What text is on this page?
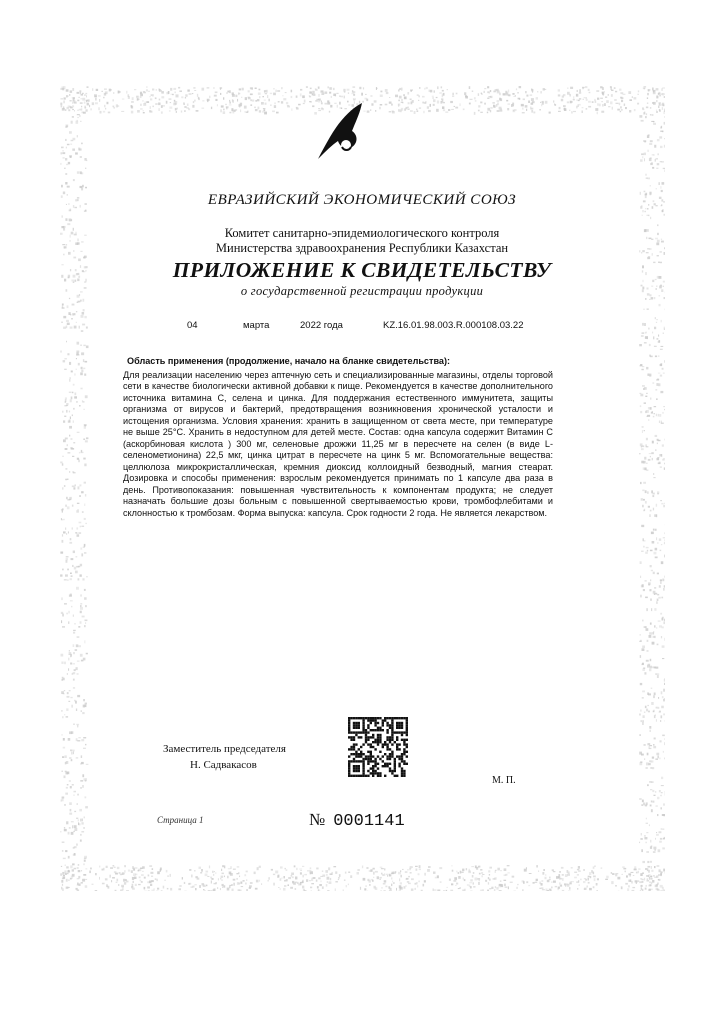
ЕВРАЗИЙСКИЙ ЭКОНОМИЧЕСКИЙ СОЮЗ
Комитет санитарно-эпидемиологического контроля
Министерства здравоохранения Республики Казахстан
ПРИЛОЖЕНИЕ К СВИДЕТЕЛЬСТВУ
о государственной регистрации продукции
04	марта	2022 года	KZ.16.01.98.003.R.000108.03.22
Область применения (продолжение, начало на бланке свидетельства):

Для реализации населению через аптечную сеть и специализированные магазины, отделы торговой сети в качестве биологически активной добавки к пище. Рекомендуется в качестве дополнительного источника витамина С, селена и цинка. Для поддержания естественного иммунитета, защиты организма от вирусов и бактерий, предотвращения возникновения хронической усталости и истощения организма. Условия хранения: хранить в защищенном от света месте, при температуре не выше 25°С. Хранить в недоступном для детей месте. Состав: одна капсула содержит Витамин С (аскорбиновая кислота ) 300 мг, селеновые дрожжи 11,25 мг в пересчете на селен (в виде L-селенометионина) 22,5 мкг, цинка цитрат в пересчете на цинк 5 мг. Вспомогательные вещества: целлюлоза микрокристаллическая, кремния диоксид коллоидный безводный, магния стеарат. Дозировка и способы применения: взрослым рекомендуется принимать по 1 капсуле два раза в день. Противопоказания: повышенная чувствительность к компонентам продукта; не следует назначать большие дозы больным с повышенной свертываемостью крови, тромбофлебитами и склонностью к тромбозам. Форма выпуска: капсула. Срок годности 2 года. Не является лекарством.

Заместитель председателя
Н. Садвакасов
М. П.
Страница 1	№ 0001141
